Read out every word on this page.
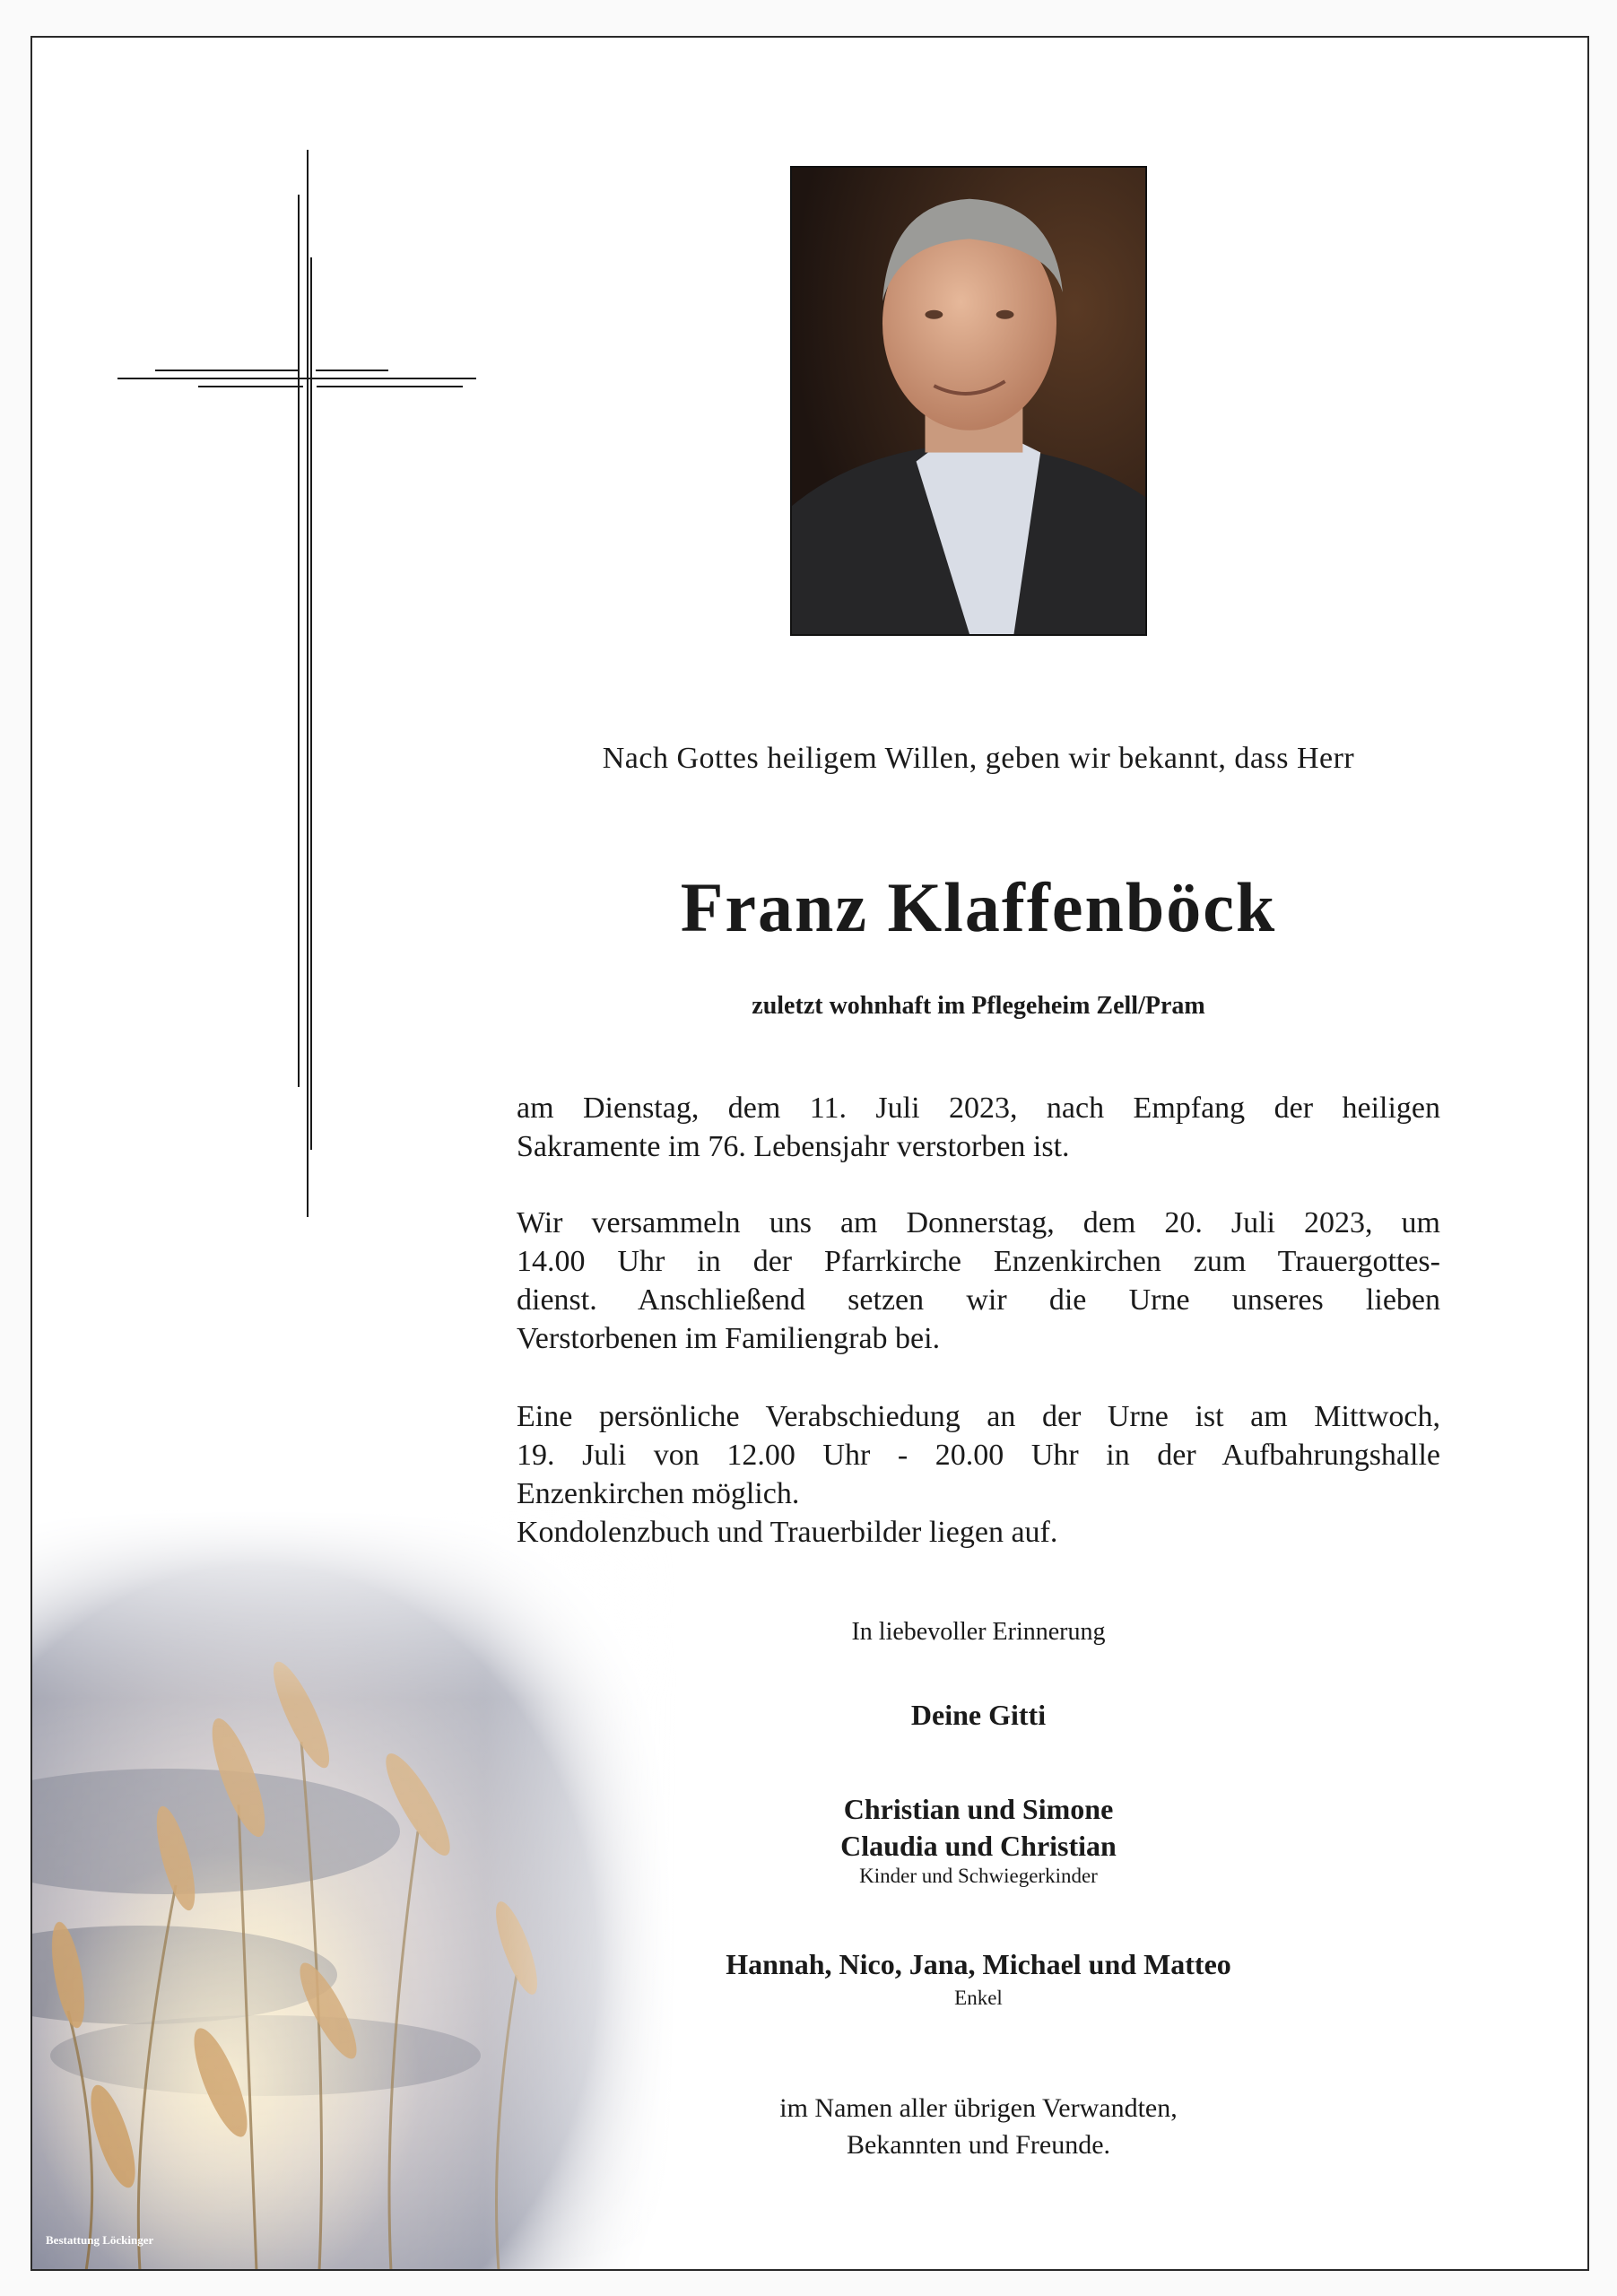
Nach Gottes heiligem Willen, geben wir bekannt, dass Herr
Franz Klaffenböck
zuletzt wohnhaft im Pflegeheim Zell/Pram
am Dienstag, dem 11. Juli 2023, nach Empfang der heiligen
Sakramente im 76. Lebensjahr verstorben ist.
Wir versammeln uns am Donnerstag, dem 20. Juli 2023, um
14.00 Uhr in der Pfarrkirche Enzenkirchen zum Trauergottes-
dienst. Anschließend setzen wir die Urne unseres lieben
Verstorbenen im Familiengrab bei.
Eine persönliche Verabschiedung an der Urne ist am Mittwoch,
19. Juli von 12.00 Uhr - 20.00 Uhr in der Aufbahrungshalle
Enzenkirchen möglich.
Kondolenzbuch und Trauerbilder liegen auf.
In liebevoller Erinnerung
Deine Gitti
Christian und Simone
Claudia und Christian
Kinder und Schwiegerkinder
Hannah, Nico, Jana, Michael und Matteo
Enkel
im Namen aller übrigen Verwandten,
Bekannten und Freunde.
Bestattung Löckinger
